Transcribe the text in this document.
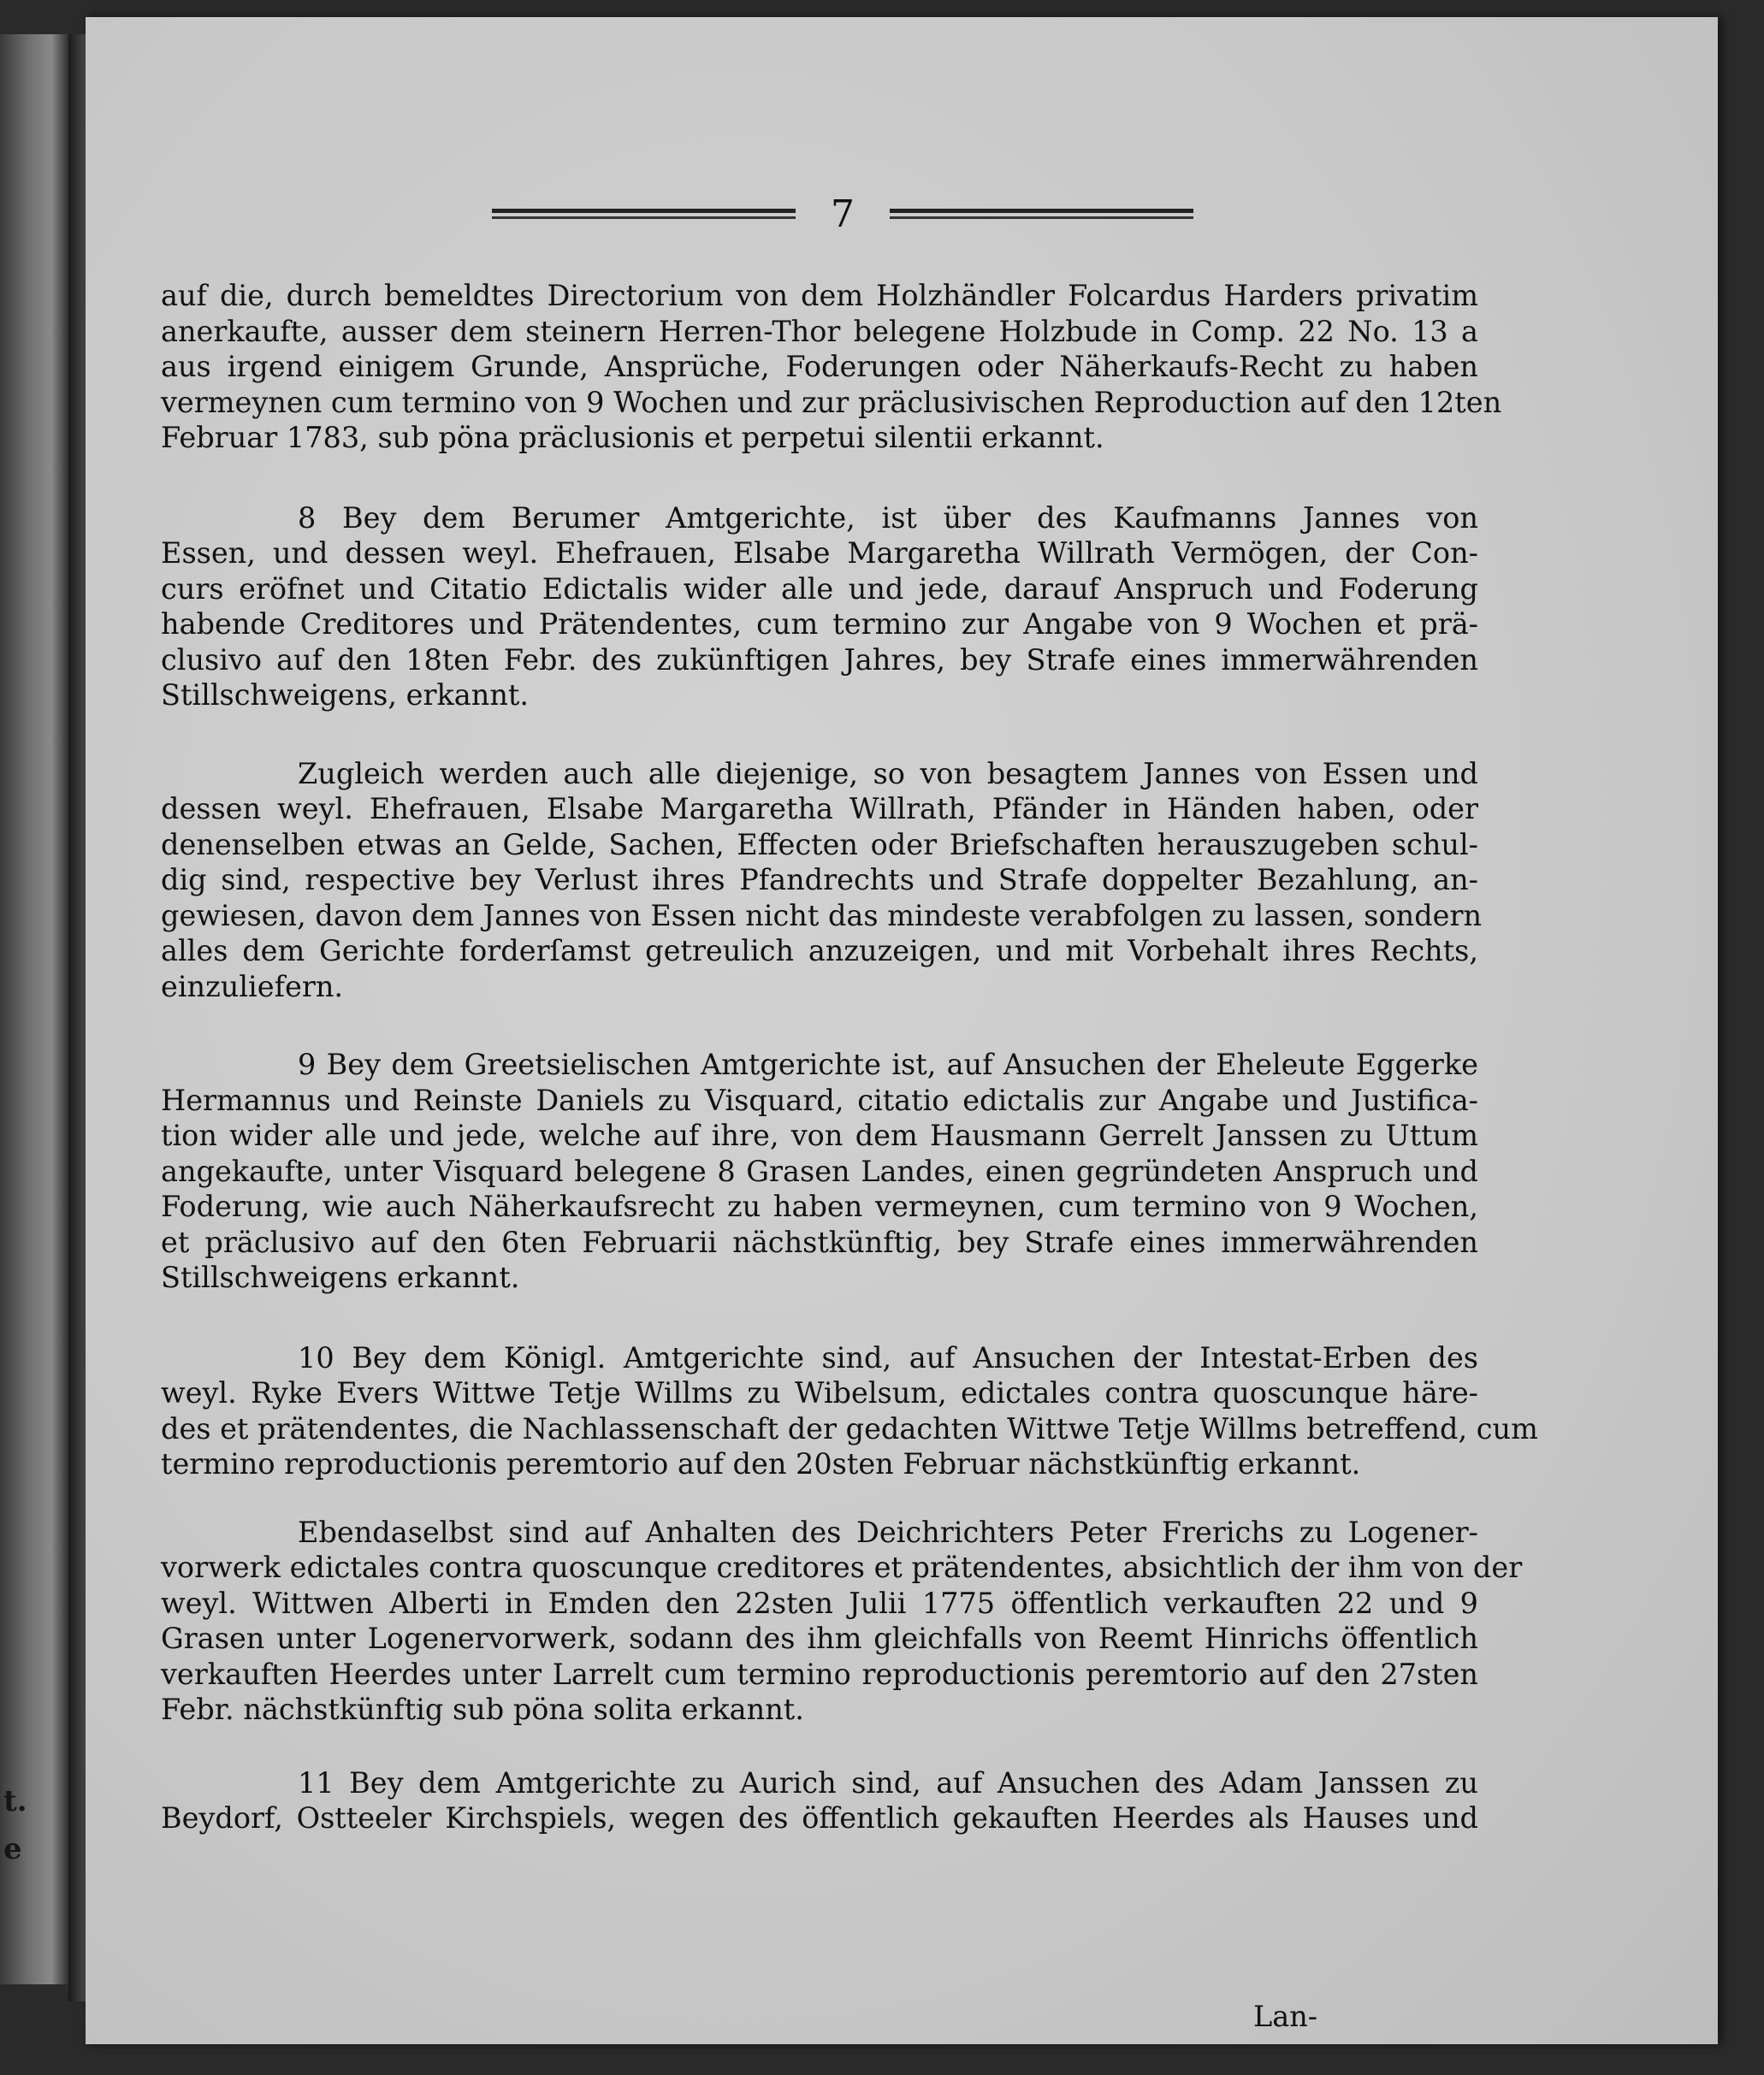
t.
e
7

auf die, durch bemeldtes Directorium von dem Holzhändler Folcardus Harders privatim
anerkaufte, ausser dem steinern Herren-Thor belegene Holzbude in Comp. 22 No. 13 a
aus irgend einigem Grunde, Ansprüche, Foderungen oder Näherkaufs-Recht zu haben
vermeynen cum termino von 9 Wochen und zur präclusivischen Reproduction auf den 12ten
Februar 1783, sub pöna präclusionis et perpetui silentii erkannt.

8 Bey dem Berumer Amtgerichte, ist über des Kaufmanns Jannes von
Essen, und dessen weyl. Ehefrauen, Elsabe Margaretha Willrath Vermögen, der Con-
curs eröfnet und Citatio Edictalis wider alle und jede, darauf Anspruch und Foderung
habende Creditores und Prätendentes, cum termino zur Angabe von 9 Wochen et prä-
clusivo auf den 18ten Febr. des zukünftigen Jahres, bey Strafe eines immerwährenden
Stillschweigens, erkannt.

Zugleich werden auch alle diejenige, so von besagtem Jannes von Essen und
dessen weyl. Ehefrauen, Elsabe Margaretha Willrath, Pfänder in Händen haben, oder
denenselben etwas an Gelde, Sachen, Effecten oder Briefschaften herauszugeben schul-
dig sind, respective bey Verlust ihres Pfandrechts und Strafe doppelter Bezahlung, an-
gewiesen, davon dem Jannes von Essen nicht das mindeste verabfolgen zu lassen, sondern
alles dem Gerichte forderſamst getreulich anzuzeigen, und mit Vorbehalt ihres Rechts,
einzuliefern.

9 Bey dem Greetsielischen Amtgerichte ist, auf Ansuchen der Eheleute Eggerke
Hermannus und Reinste Daniels zu Visquard, citatio edictalis zur Angabe und Justifica-
tion wider alle und jede, welche auf ihre, von dem Hausmann Gerrelt Janssen zu Uttum
angekaufte, unter Visquard belegene 8 Grasen Landes, einen gegründeten Anspruch und
Foderung, wie auch Näherkaufsrecht zu haben vermeynen, cum termino von 9 Wochen,
et präclusivo auf den 6ten Februarii nächstkünftig, bey Strafe eines immerwährenden
Stillschweigens erkannt.

10 Bey dem Königl. Amtgerichte sind, auf Ansuchen der Intestat-Erben des
weyl. Ryke Evers Wittwe Tetje Willms zu Wibelsum, edictales contra quoscunque häre-
des et prätendentes, die Nachlassenschaft der gedachten Wittwe Tetje Willms betreffend, cum
termino reproductionis peremtorio auf den 20sten Februar nächstkünftig erkannt.

Ebendaselbst sind auf Anhalten des Deichrichters Peter Frerichs zu Logener-
vorwerk edictales contra quoscunque creditores et prätendentes, absichtlich der ihm von der
weyl. Wittwen Alberti in Emden den 22sten Julii 1775 öffentlich verkauften 22 und 9
Grasen unter Logenervorwerk, sodann des ihm gleichfalls von Reemt Hinrichs öffentlich
verkauften Heerdes unter Larrelt cum termino reproductionis peremtorio auf den 27sten
Febr. nächstkünftig sub pöna solita erkannt.

11 Bey dem Amtgerichte zu Aurich sind, auf Ansuchen des Adam Janssen zu
Beydorf, Ostteeler Kirchspiels, wegen des öffentlich gekauften Heerdes als Hauses und

Lan-
